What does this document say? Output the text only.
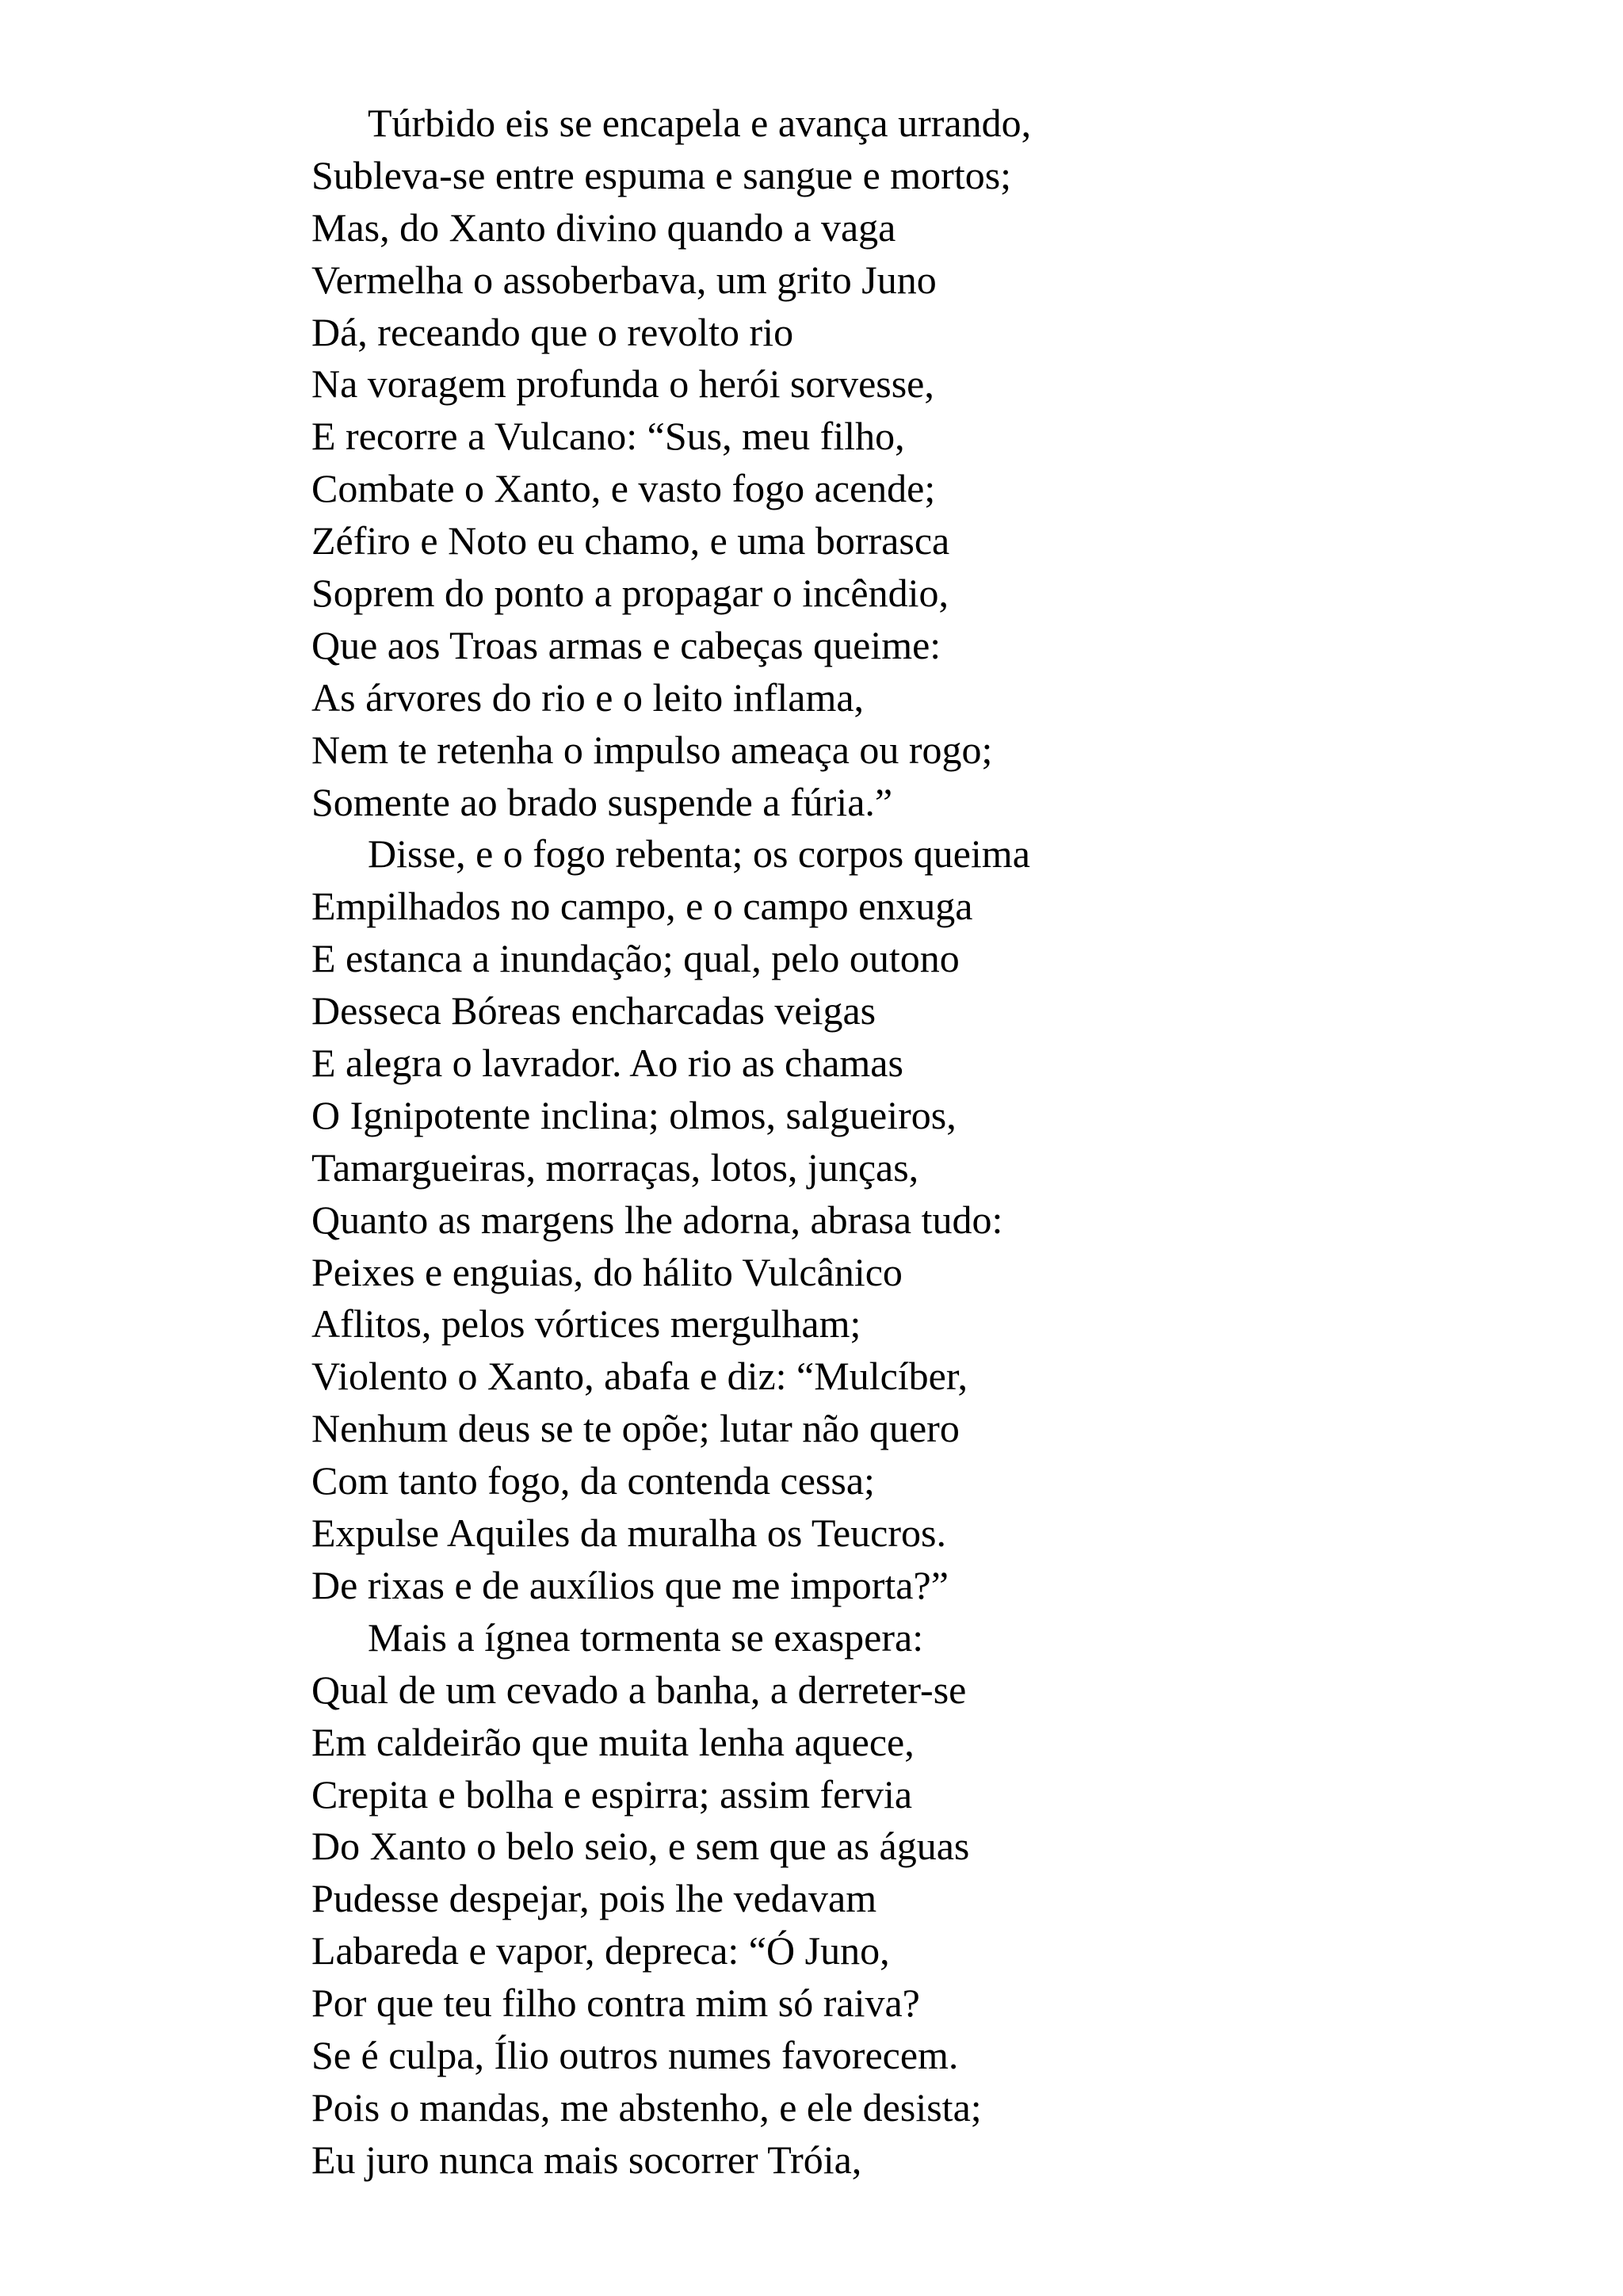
Túrbido eis se encapela e avança urrando,
Subleva-se entre espuma e sangue e mortos;
Mas, do Xanto divino quando a vaga
Vermelha o assoberbava, um grito Juno
Dá, receando que o revolto rio
Na voragem profunda o herói sorvesse,
E recorre a Vulcano: “Sus, meu filho,
Combate o Xanto, e vasto fogo acende;
Zéfiro e Noto eu chamo, e uma borrasca
Soprem do ponto a propagar o incêndio,
Que aos Troas armas e cabeças queime:
As árvores do rio e o leito inflama,
Nem te retenha o impulso ameaça ou rogo;
Somente ao brado suspende a fúria.”
Disse, e o fogo rebenta; os corpos queima
Empilhados no campo, e o campo enxuga
E estanca a inundação; qual, pelo outono
Desseca Bóreas encharcadas veigas
E alegra o lavrador. Ao rio as chamas
O Ignipotente inclina; olmos, salgueiros,
Tamargueiras, morraças, lotos, junças,
Quanto as margens lhe adorna, abrasa tudo:
Peixes e enguias, do hálito Vulcânico
Aflitos, pelos vórtices mergulham;
Violento o Xanto, abafa e diz: “Mulcíber,
Nenhum deus se te opõe; lutar não quero
Com tanto fogo, da contenda cessa;
Expulse Aquiles da muralha os Teucros.
De rixas e de auxílios que me importa?”
Mais a ígnea tormenta se exaspera:
Qual de um cevado a banha, a derreter-se
Em caldeirão que muita lenha aquece,
Crepita e bolha e espirra; assim fervia
Do Xanto o belo seio, e sem que as águas
Pudesse despejar, pois lhe vedavam
Labareda e vapor, depreca: “Ó Juno,
Por que teu filho contra mim só raiva?
Se é culpa, Ílio outros numes favorecem.
Pois o mandas, me abstenho, e ele desista;
Eu juro nunca mais socorrer Tróia,
